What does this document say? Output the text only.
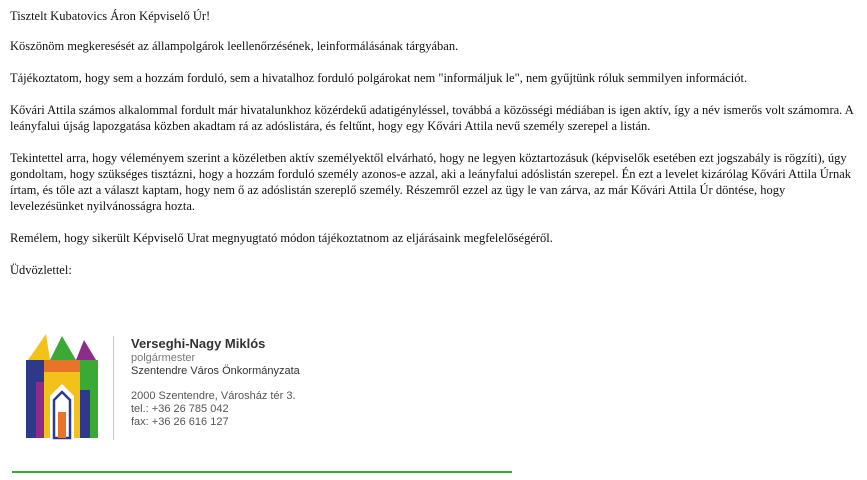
Tisztelt Kubatovics Áron Képviselő Úr!

Köszönöm megkeresését az állampolgárok leellenőrzésének, leinformálásának tárgyában.

Tájékoztatom, hogy sem a hozzám forduló, sem a hivatalhoz forduló polgárokat nem "informáljuk le", nem gyűjtünk róluk semmilyen információt.

Kővári Attila számos alkalommal fordult már hivatalunkhoz közérdekű adatigényléssel, továbbá a közösségi médiában is igen aktív, így a név ismerős volt számomra. A leányfalui újság lapozgatása közben akadtam rá az adóslistára, és feltűnt, hogy egy Kővári Attila nevű személy szerepel a listán.

Tekintettel arra, hogy véleményem szerint a közéletben aktív személyektől elvárható, hogy ne legyen köztartozásuk (képviselők esetében ezt jogszabály is rögzíti), úgy gondoltam, hogy szükséges tisztázni, hogy a hozzám forduló személy azonos-e azzal, aki a leányfalui adóslistán szerepel. Én ezt a levelet kizárólag Kővári Attila Úrnak írtam, és tőle azt a választ kaptam, hogy nem ő az adóslistán szereplő személy. Részemről ezzel az ügy le van zárva, az már Kővári Attila Úr döntése, hogy levelezésünket nyilvánosságra hozta.

Remélem, hogy sikerült Képviselő Urat megnyugtató módon tájékoztatnom az eljárásaink megfelelőségéről.

Üdvözlettel:

Verseghi-Nagy Miklós
polgármester
Szentendre Város Önkormányzata
2000 Szentendre, Városház tér 3.
tel.: +36 26 785 042
fax: +36 26 616 127
